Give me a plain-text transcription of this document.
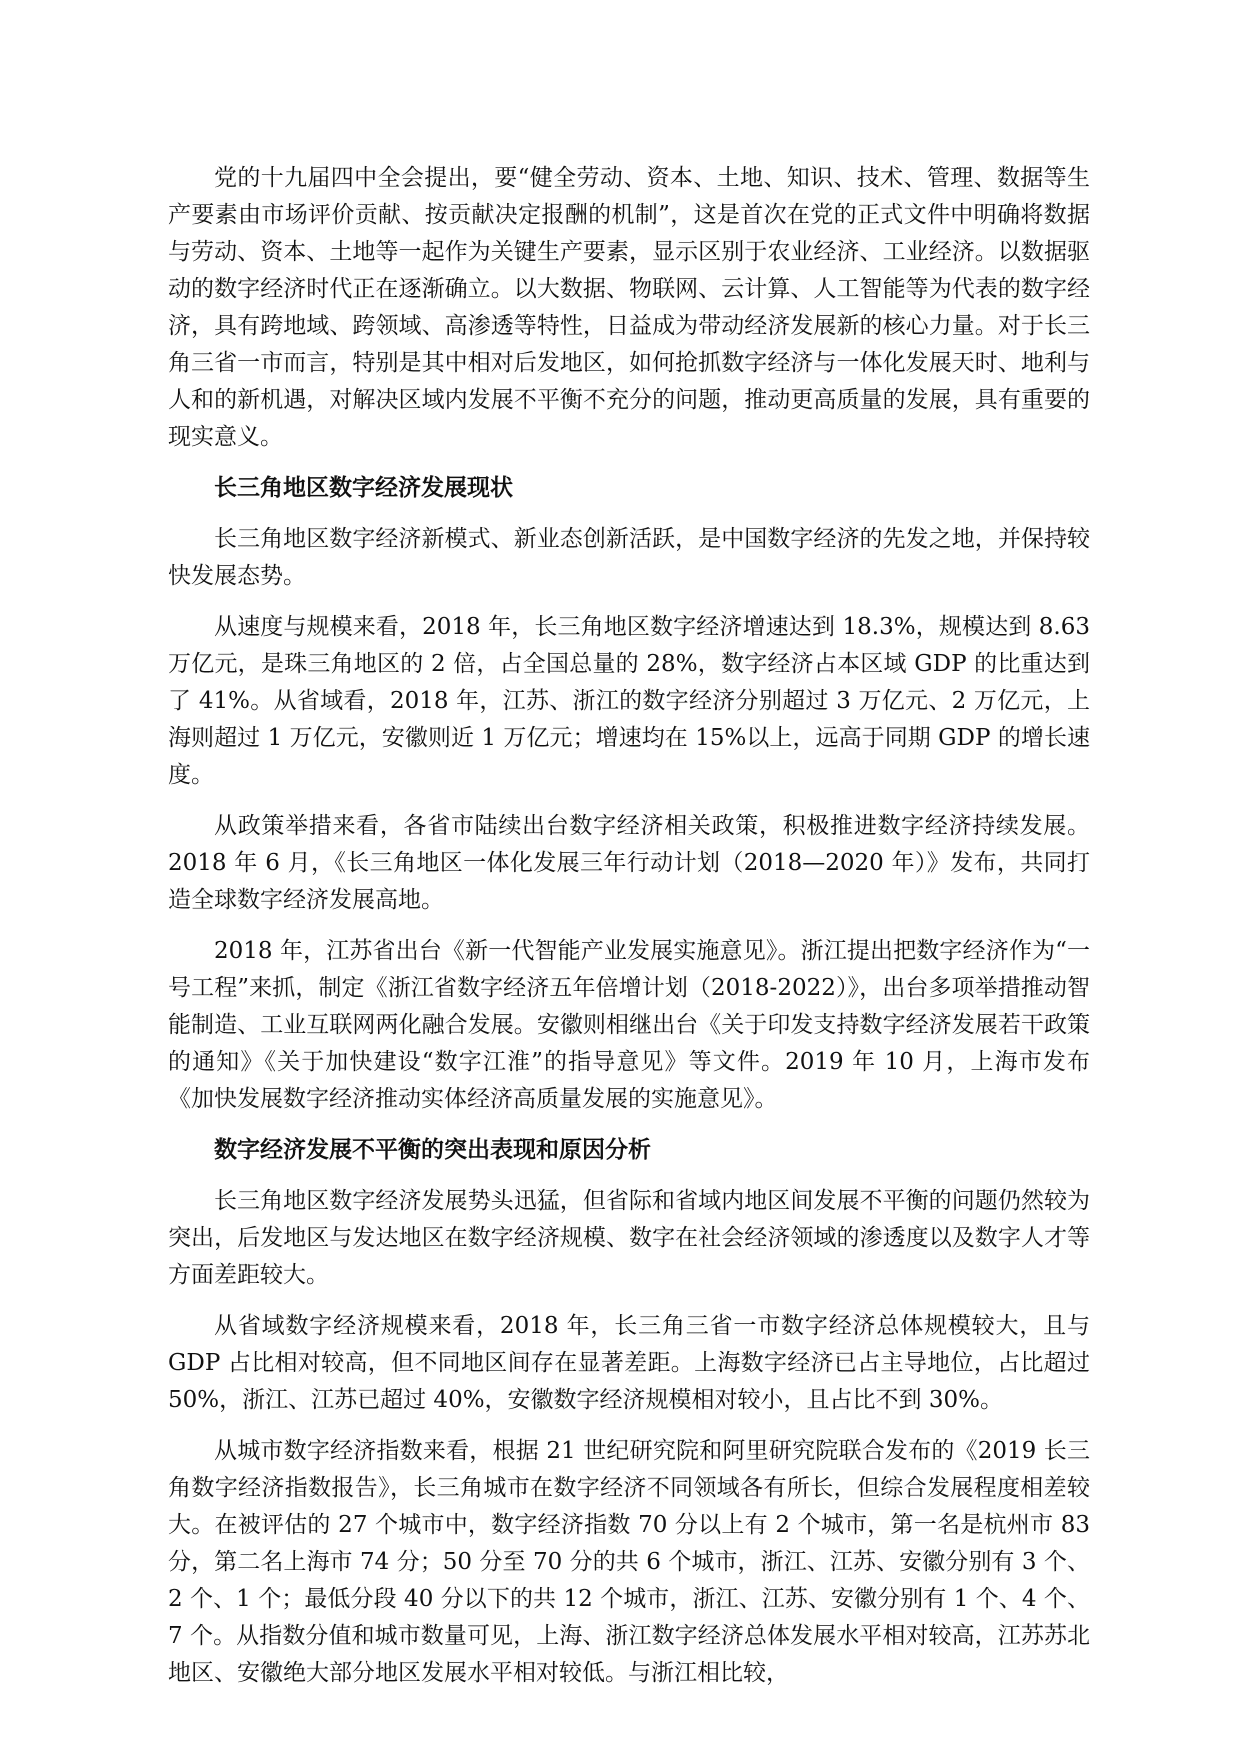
党的十九届四中全会提出，要“健全劳动、资本、土地、知识、技术、管理、数据等生产要素由市场评价贡献、按贡献决定报酬的机制”，这是首次在党的正式文件中明确将数据与劳动、资本、土地等一起作为关键生产要素，显示区别于农业经济、工业经济。以数据驱动的数字经济时代正在逐渐确立。以大数据、物联网、云计算、人工智能等为代表的数字经济，具有跨地域、跨领域、高渗透等特性，日益成为带动经济发展新的核心力量。对于长三角三省一市而言，特别是其中相对后发地区，如何抢抓数字经济与一体化发展天时、地利与人和的新机遇，对解决区域内发展不平衡不充分的问题，推动更高质量的发展，具有重要的现实意义。

长三角地区数字经济发展现状

长三角地区数字经济新模式、新业态创新活跃，是中国数字经济的先发之地，并保持较快发展态势。

从速度与规模来看，2018 年，长三角地区数字经济增速达到 18.3%，规模达到 8.63 万亿元，是珠三角地区的 2 倍，占全国总量的 28%，数字经济占本区域 GDP 的比重达到了 41%。从省域看，2018 年，江苏、浙江的数字经济分别超过 3 万亿元、2 万亿元，上海则超过 1 万亿元，安徽则近 1 万亿元；增速均在 15%以上，远高于同期 GDP 的增长速度。

从政策举措来看，各省市陆续出台数字经济相关政策，积极推进数字经济持续发展。2018 年 6 月，《长三角地区一体化发展三年行动计划（2018—2020 年）》发布，共同打造全球数字经济发展高地。

2018 年，江苏省出台《新一代智能产业发展实施意见》。浙江提出把数字经济作为“一号工程”来抓，制定《浙江省数字经济五年倍增计划（2018-2022）》，出台多项举措推动智能制造、工业互联网两化融合发展。安徽则相继出台《关于印发支持数字经济发展若干政策的通知》《关于加快建设“数字江淮”的指导意见》等文件。2019 年 10 月，上海市发布《加快发展数字经济推动实体经济高质量发展的实施意见》。

数字经济发展不平衡的突出表现和原因分析

长三角地区数字经济发展势头迅猛，但省际和省域内地区间发展不平衡的问题仍然较为突出，后发地区与发达地区在数字经济规模、数字在社会经济领域的渗透度以及数字人才等方面差距较大。

从省域数字经济规模来看，2018 年，长三角三省一市数字经济总体规模较大，且与 GDP 占比相对较高，但不同地区间存在显著差距。上海数字经济已占主导地位，占比超过 50%，浙江、江苏已超过 40%，安徽数字经济规模相对较小，且占比不到 30%。

从城市数字经济指数来看，根据 21 世纪研究院和阿里研究院联合发布的《2019 长三角数字经济指数报告》，长三角城市在数字经济不同领域各有所长，但综合发展程度相差较大。在被评估的 27 个城市中，数字经济指数 70 分以上有 2 个城市，第一名是杭州市 83 分，第二名上海市 74 分；50 分至 70 分的共 6 个城市，浙江、江苏、安徽分别有 3 个、2 个、1 个；最低分段 40 分以下的共 12 个城市，浙江、江苏、安徽分别有 1 个、4 个、7 个。从指数分值和城市数量可见，上海、浙江数字经济总体发展水平相对较高，江苏苏北地区、安徽绝大部分地区发展水平相对较低。与浙江相比较，
